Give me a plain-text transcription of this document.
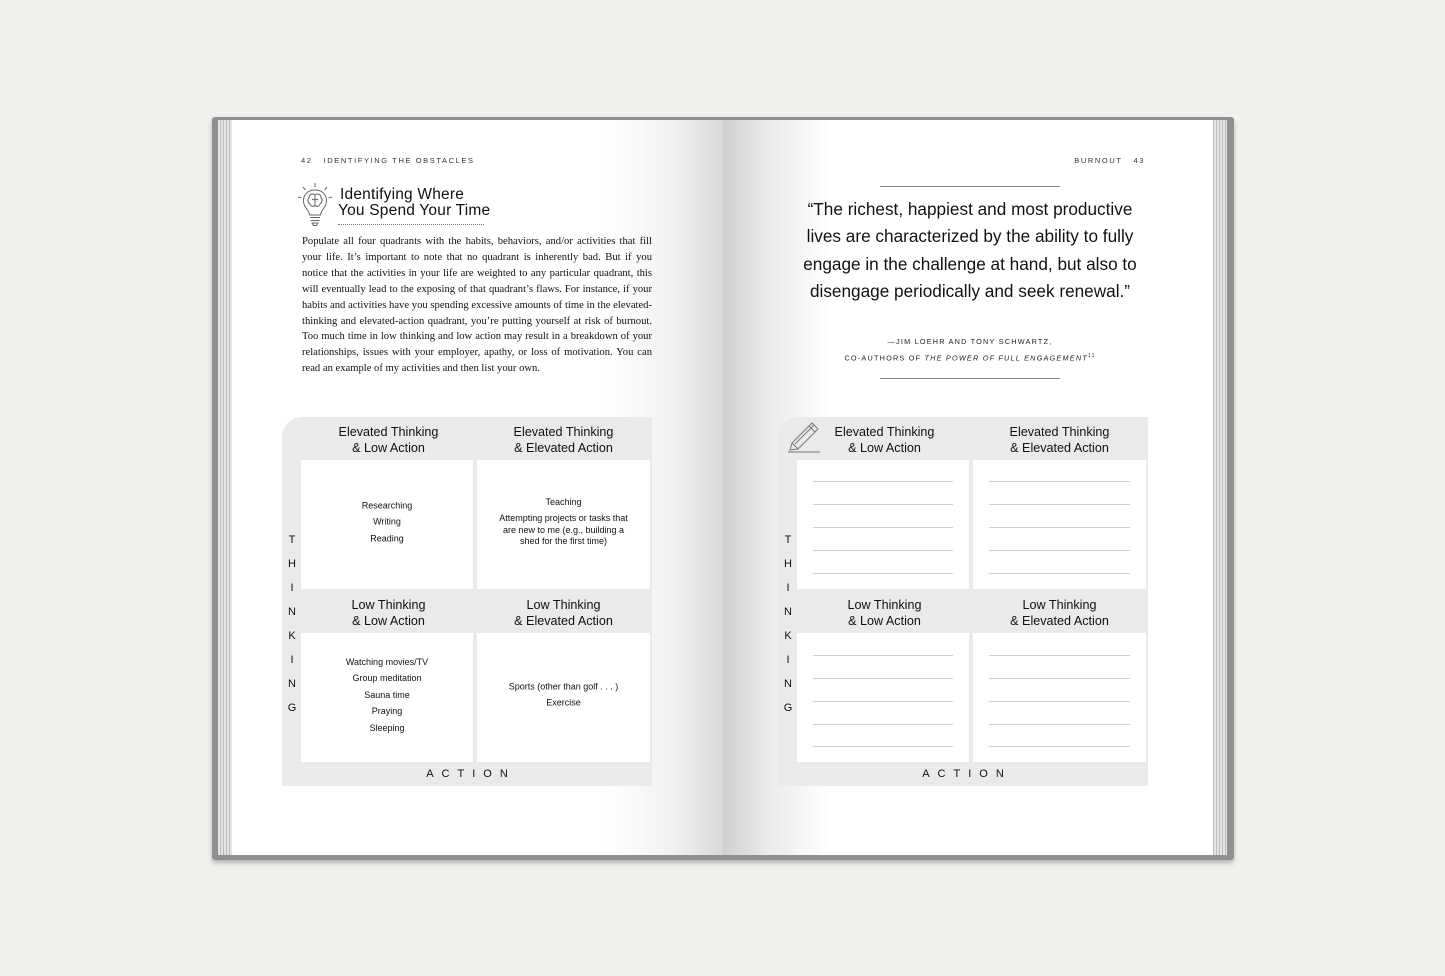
42 IDENTIFYING THE OBSTACLES
Identifying Where
You Spend Your Time

Populate all four quadrants with the habits, behaviors, and/or activities that fill your life. It’s important to note that no quadrant is inherently bad. But if you notice that the activities in your life are weighted to any particular quadrant, this will eventually lead to the exposing of that quadrant’s flaws. For instance, if your habits and activities have you spending excessive amounts of time in the elevated-thinking and elevated-action quadrant, you’re putting yourself at risk of burnout. Too much time in low thinking and low action may result in a breakdown of your relationships, issues with your employer, apathy, or loss of motivation. You can read an example of my activities and then list your own.

Elevated Thinking
& Low Action
Elevated Thinking
& Elevated Action
Low Thinking
& Low Action
Low Thinking
& Elevated Action
Researching
Writing
Reading
Teaching
Attempting projects or tasks that are new to me (e.g., building a shed for the first time)
Watching movies/TV
Group meditation
Sauna time
Praying
Sleeping
Sports (other than golf . . . )
Exercise
T
H
I
N
K
I
N
G
ACTION
BURNOUT 43

“The richest, happiest and most productive lives are characterized by the ability to fully engage in the challenge at hand, but also to disengage periodically and seek renewal.”

—JIM LOEHR AND TONY SCHWARTZ,
CO-AUTHORS OF THE POWER OF FULL ENGAGEMENT$^{11}$
Elevated Thinking
& Low Action
Elevated Thinking
& Elevated Action
Low Thinking
& Low Action
Low Thinking
& Elevated Action
T
H
I
N
K
I
N
G
ACTION
